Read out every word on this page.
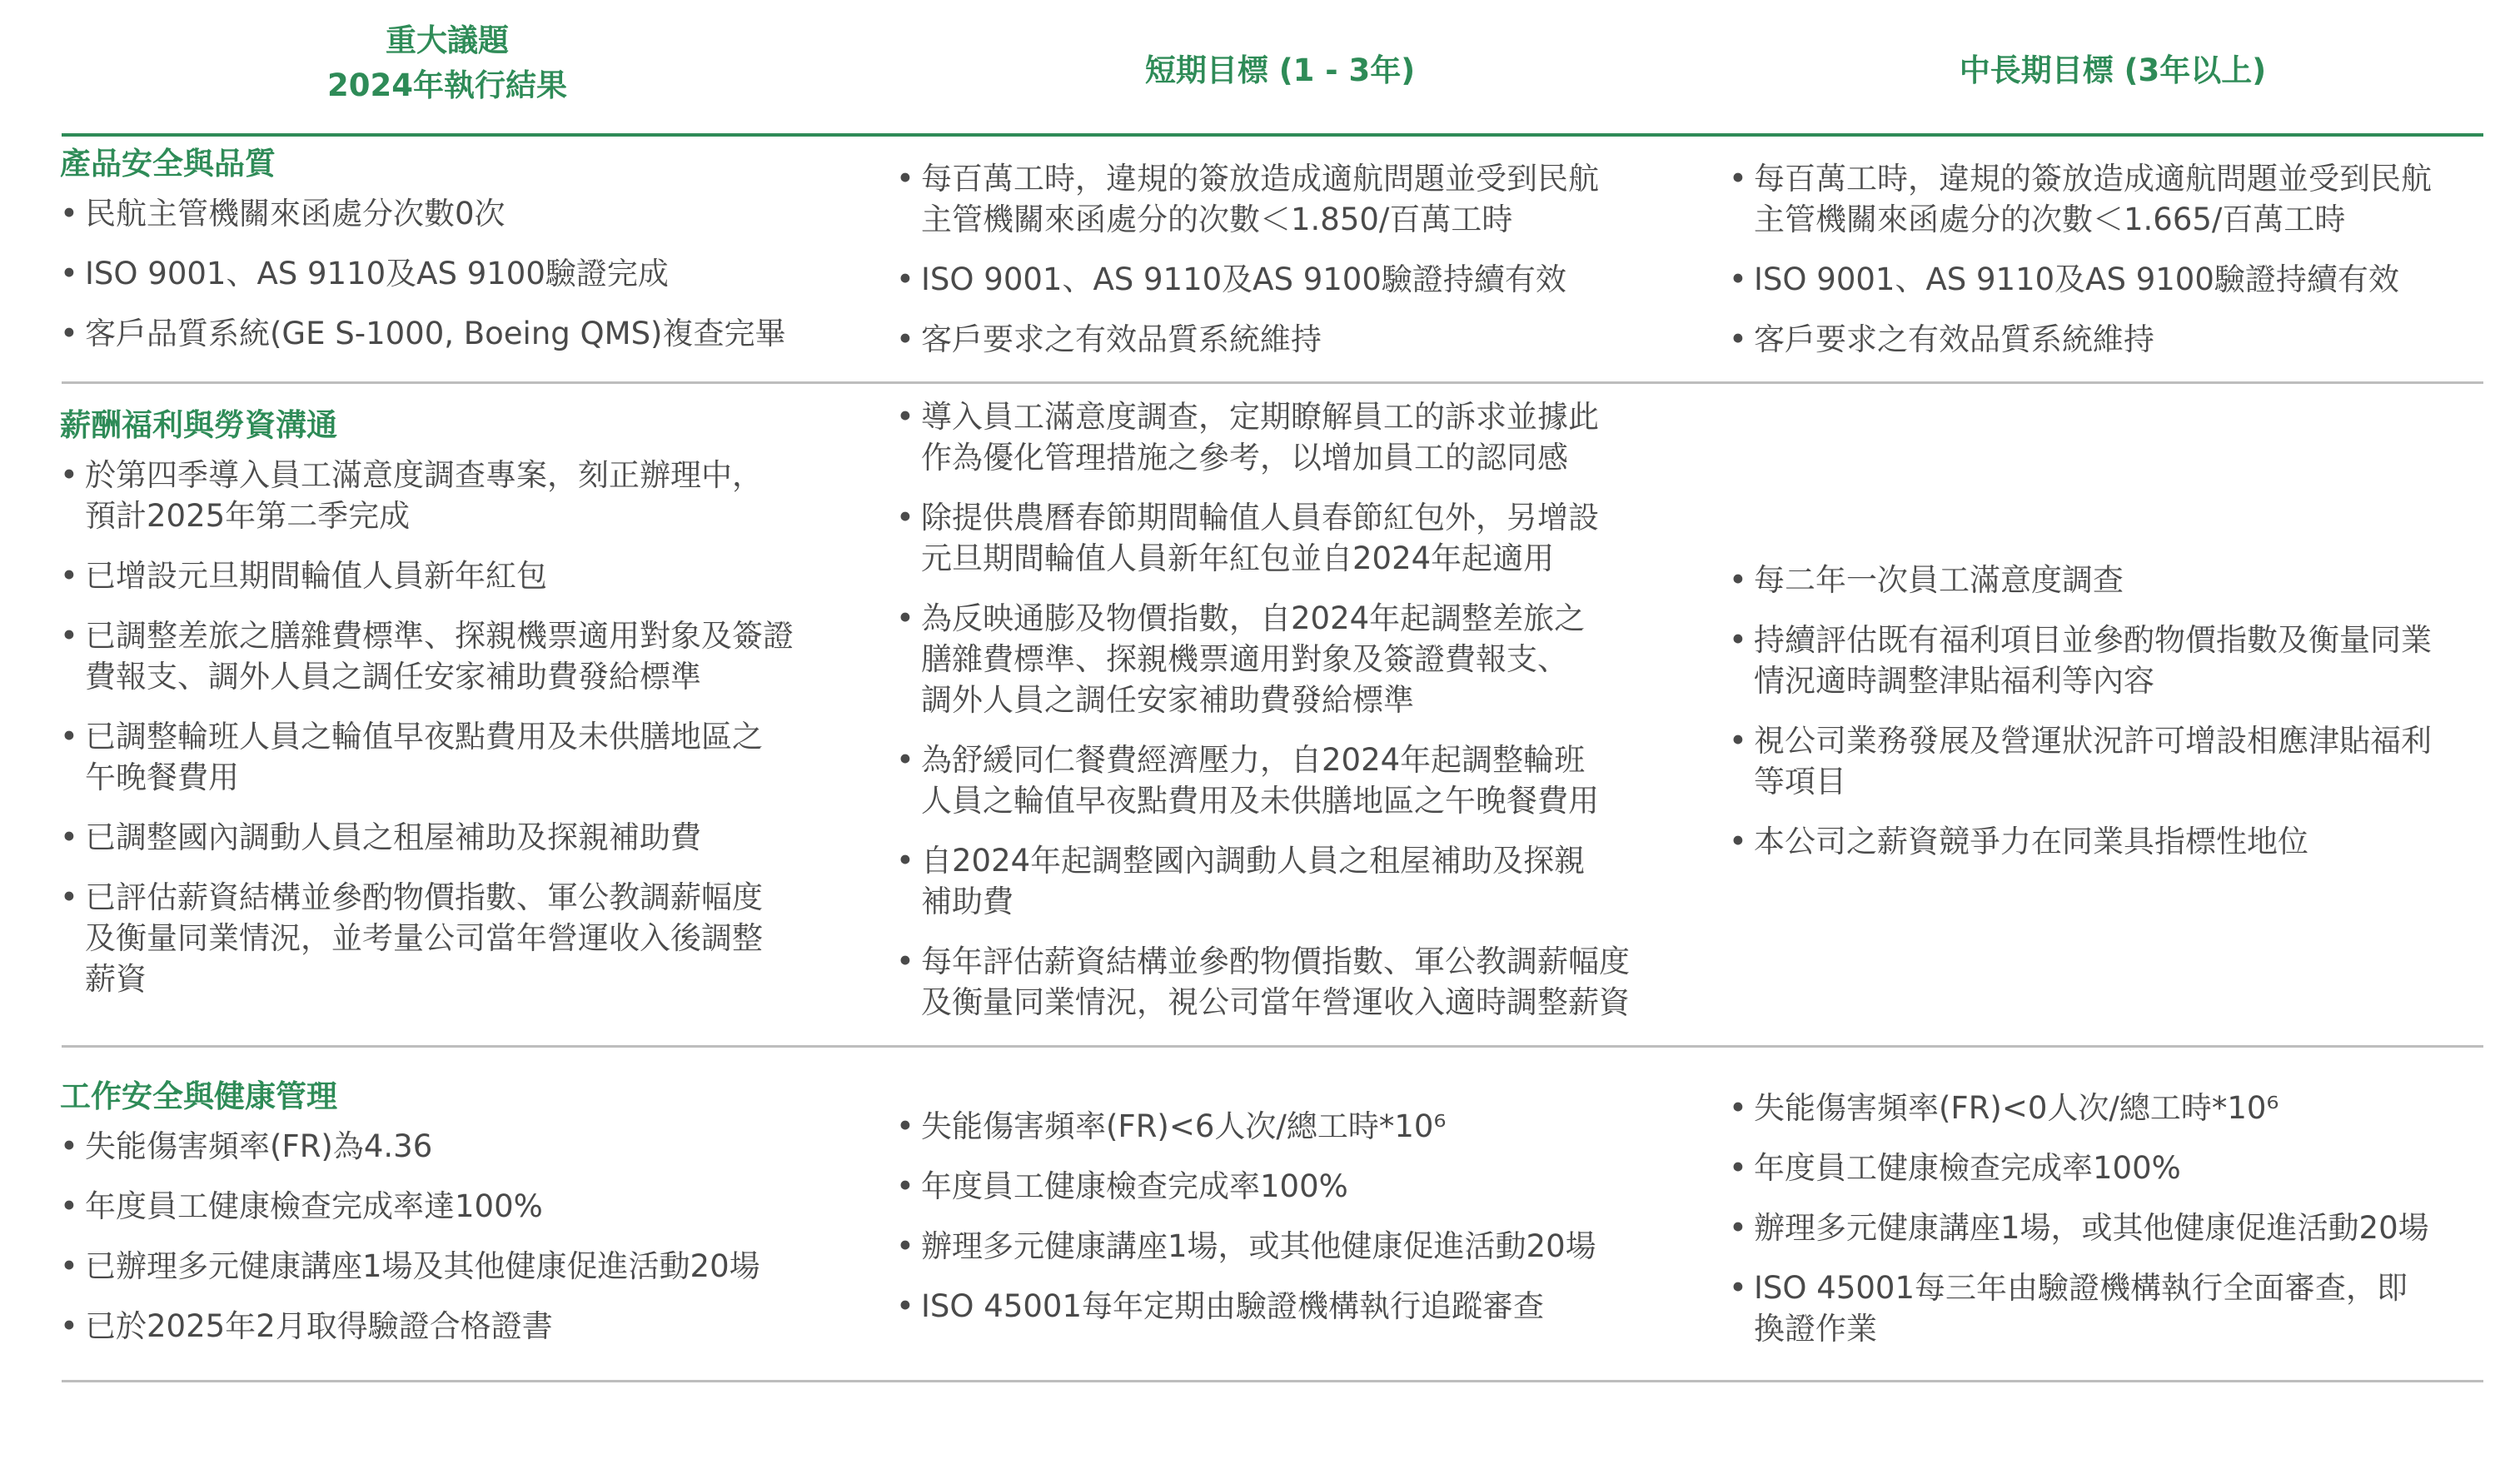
重大議題
2024年執行結果	短期目標 (1 - 3年)	中長期目標 (3年以上)
產品安全與品質
• 民航主管機關來函處分次數0次
• ISO 9001、AS 9110及AS 9100驗證完成
• 客戶品質系統(GE S-1000, Boeing QMS)複查完畢
• 每百萬工時，違規的簽放造成適航問題並受到民航
主管機關來函處分的次數＜1.850/百萬工時
• ISO 9001、AS 9110及AS 9100驗證持續有效
• 客戶要求之有效品質系統維持
• 每百萬工時，違規的簽放造成適航問題並受到民航
主管機關來函處分的次數＜1.665/百萬工時
• ISO 9001、AS 9110及AS 9100驗證持續有效
• 客戶要求之有效品質系統維持
薪酬福利與勞資溝通
• 於第四季導入員工滿意度調查專案，刻正辦理中，
預計2025年第二季完成
• 已增設元旦期間輪值人員新年紅包
• 已調整差旅之膳雜費標準、探親機票適用對象及簽證
費報支、調外人員之調任安家補助費發給標準
• 已調整輪班人員之輪值早夜點費用及未供膳地區之
午晚餐費用
• 已調整國內調動人員之租屋補助及探親補助費
• 已評估薪資結構並參酌物價指數、軍公教調薪幅度
及衡量同業情況，並考量公司當年營運收入後調整
薪資
• 導入員工滿意度調查，定期瞭解員工的訴求並據此
作為優化管理措施之參考，以增加員工的認同感
• 除提供農曆春節期間輪值人員春節紅包外，另增設
元旦期間輪值人員新年紅包並自2024年起適用
• 為反映通膨及物價指數，自2024年起調整差旅之
膳雜費標準、探親機票適用對象及簽證費報支、
調外人員之調任安家補助費發給標準
• 為舒緩同仁餐費經濟壓力，自2024年起調整輪班
人員之輪值早夜點費用及未供膳地區之午晚餐費用
• 自2024年起調整國內調動人員之租屋補助及探親
補助費
• 每年評估薪資結構並參酌物價指數、軍公教調薪幅度
及衡量同業情況，視公司當年營運收入適時調整薪資
• 每二年一次員工滿意度調查
• 持續評估既有福利項目並參酌物價指數及衡量同業
情況適時調整津貼福利等內容
• 視公司業務發展及營運狀況許可增設相應津貼福利
等項目
• 本公司之薪資競爭力在同業具指標性地位
工作安全與健康管理
• 失能傷害頻率(FR)為4.36
• 年度員工健康檢查完成率達100%
• 已辦理多元健康講座1場及其他健康促進活動20場
• 已於2025年2月取得驗證合格證書
• 失能傷害頻率(FR)<6人次/總工時*10⁶
• 年度員工健康檢查完成率100%
• 辦理多元健康講座1場，或其他健康促進活動20場
• ISO 45001每年定期由驗證機構執行追蹤審查
• 失能傷害頻率(FR)<0人次/總工時*10⁶
• 年度員工健康檢查完成率100%
• 辦理多元健康講座1場，或其他健康促進活動20場
• ISO 45001每三年由驗證機構執行全面審查，即
換證作業
